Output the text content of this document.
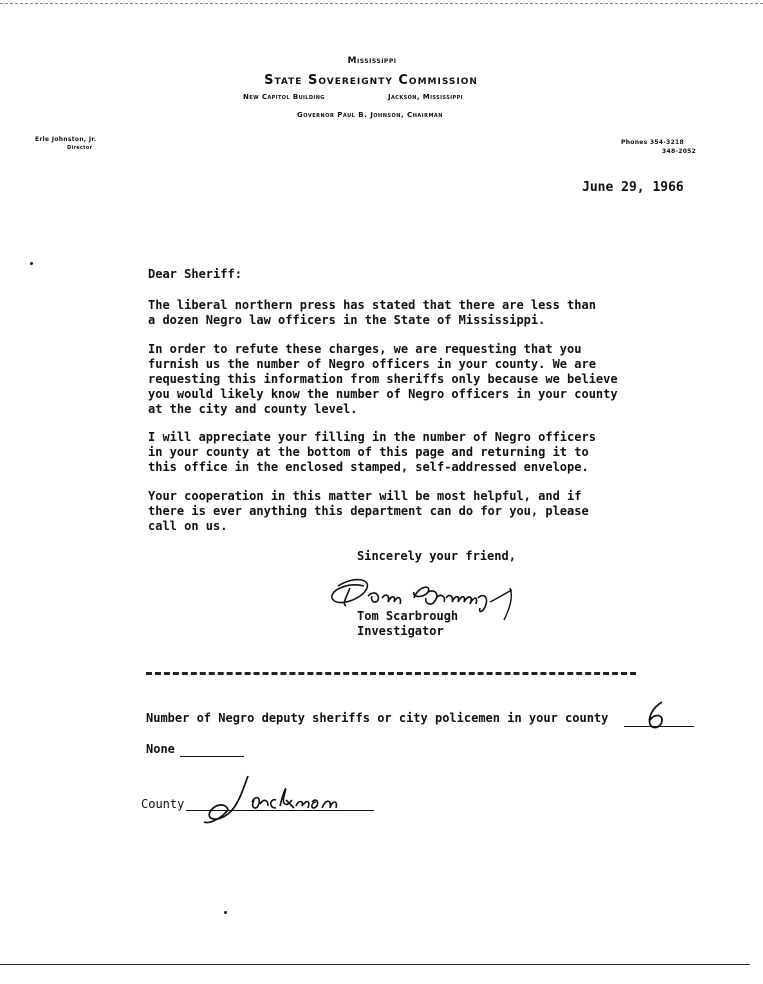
Mississippi
State Sovereignty Commission
New Capitol Building	Jackson, Mississippi
Governor Paul B. Johnson, Chairman
Erle Johnston, Jr.
Director
Phones 354-3218
348-2052
June 29, 1966
Dear Sheriff:

The liberal northern press has stated that there are less than
a dozen Negro law officers in the State of Mississippi.

In order to refute these charges, we are requesting that you
furnish us the number of Negro officers in your county. We are
requesting this information from sheriffs only because we believe
you would likely know the number of Negro officers in your county
at the city and county level.

I will appreciate your filling in the number of Negro officers
in your county at the bottom of this page and returning it to
this office in the enclosed stamped, self-addressed envelope.

Your cooperation in this matter will be most helpful, and if
there is ever anything this department can do for you, please
call on us.

Sincerely your friend,
Tom Scarbrough
Investigator
Number of Negro deputy sheriffs or city policemen in your county
None
County
